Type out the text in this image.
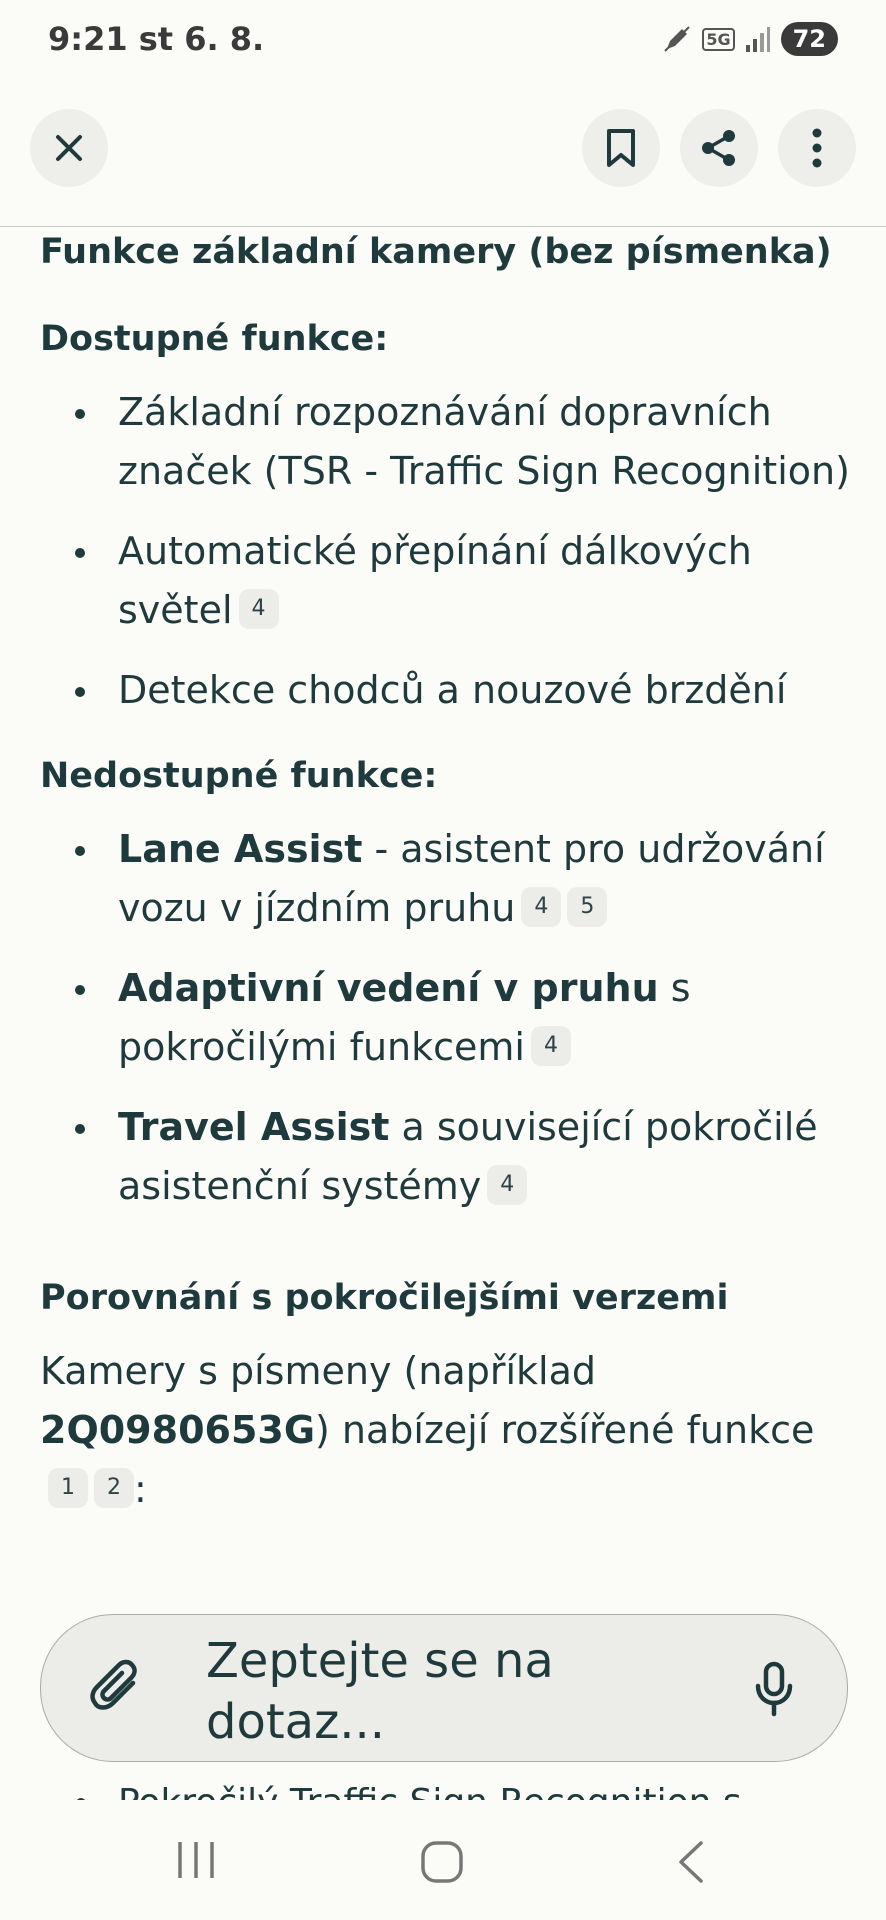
9:21 st 6. 8.	5G	72
Funkce základní kamery (bez písmenka)
Dostupné funkce:
Základní rozpoznávání dopravních značek (TSR - Traffic Sign Recognition)
Automatické přepínání dálkových světel 4
Detekce chodců a nouzové brzdění
Nedostupné funkce:
Lane Assist - asistent pro udržování vozu v jízdním pruhu 4 5
Adaptivní vedení v pruhu s pokročilými funkcemi 4
Travel Assist a související pokročilé asistenční systémy 4
Porovnání s pokročilejšími verzemi

Kamery s písmeny (například 2Q0980653G) nabízejí rozšířené funkce
1 2 :

Zeptejte se na dotaz...
